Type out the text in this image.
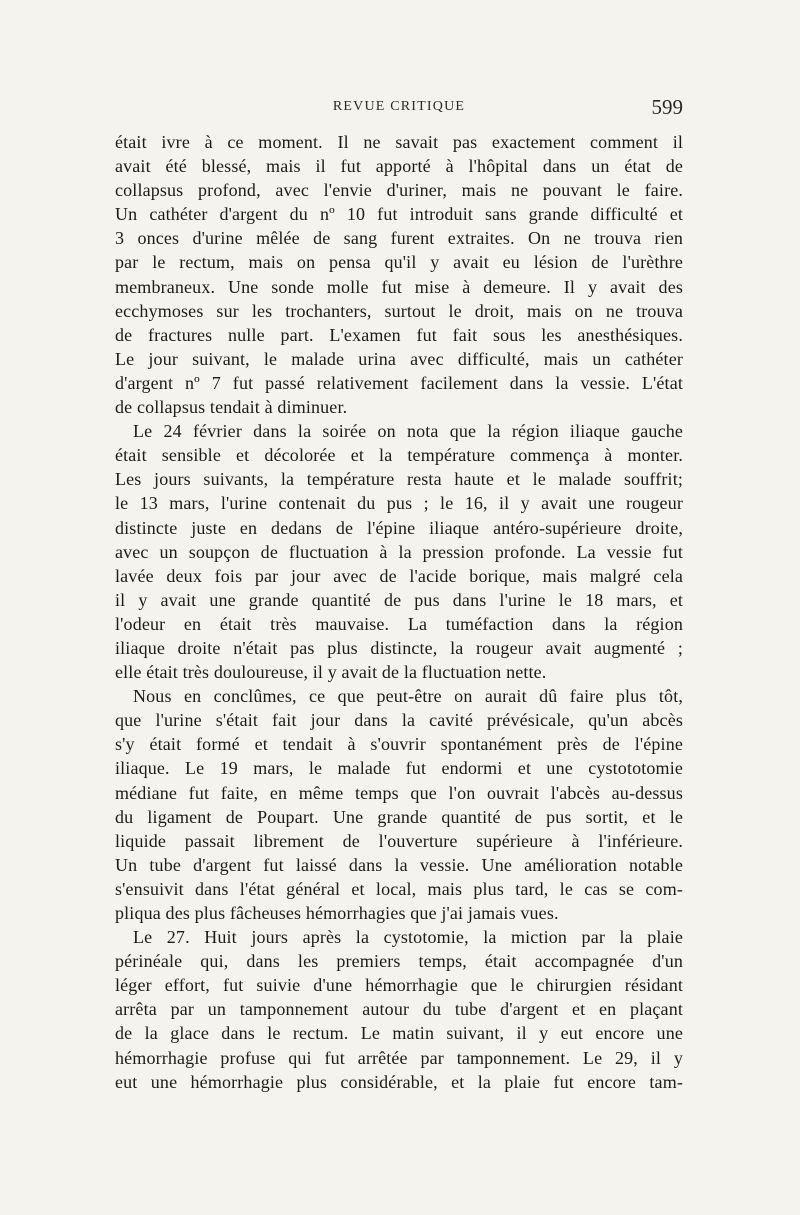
REVUE CRITIQUE	599
était ivre à ce moment. Il ne savait pas exactement comment il
avait été blessé, mais il fut apporté à l'hôpital dans un état de
collapsus profond, avec l'envie d'uriner, mais ne pouvant le faire.
Un cathéter d'argent du nº 10 fut introduit sans grande difficulté et
3 onces d'urine mêlée de sang furent extraites. On ne trouva rien
par le rectum, mais on pensa qu'il y avait eu lésion de l'urèthre
membraneux. Une sonde molle fut mise à demeure. Il y avait des
ecchymoses sur les trochanters, surtout le droit, mais on ne trouva
de fractures nulle part. L'examen fut fait sous les anesthésiques.
Le jour suivant, le malade urina avec difficulté, mais un cathéter
d'argent nº 7 fut passé relativement facilement dans la vessie. L'état
de collapsus tendait à diminuer.
Le 24 février dans la soirée on nota que la région iliaque gauche
était sensible et décolorée et la température commença à monter.
Les jours suivants, la température resta haute et le malade souffrit;
le 13 mars, l'urine contenait du pus ; le 16, il y avait une rougeur
distincte juste en dedans de l'épine iliaque antéro-supérieure droite,
avec un soupçon de fluctuation à la pression profonde. La vessie fut
lavée deux fois par jour avec de l'acide borique, mais malgré cela
il y avait une grande quantité de pus dans l'urine le 18 mars, et
l'odeur en était très mauvaise. La tuméfaction dans la région
iliaque droite n'était pas plus distincte, la rougeur avait augmenté ;
elle était très douloureuse, il y avait de la fluctuation nette.
Nous en conclûmes, ce que peut-être on aurait dû faire plus tôt,
que l'urine s'était fait jour dans la cavité prévésicale, qu'un abcès
s'y était formé et tendait à s'ouvrir spontanément près de l'épine
iliaque. Le 19 mars, le malade fut endormi et une cystototomie
médiane fut faite, en même temps que l'on ouvrait l'abcès au-dessus
du ligament de Poupart. Une grande quantité de pus sortit, et le
liquide passait librement de l'ouverture supérieure à l'inférieure.
Un tube d'argent fut laissé dans la vessie. Une amélioration notable
s'ensuivit dans l'état général et local, mais plus tard, le cas se com-
pliqua des plus fâcheuses hémorrhagies que j'ai jamais vues.
Le 27. Huit jours après la cystotomie, la miction par la plaie
périnéale qui, dans les premiers temps, était accompagnée d'un
léger effort, fut suivie d'une hémorrhagie que le chirurgien résidant
arrêta par un tamponnement autour du tube d'argent et en plaçant
de la glace dans le rectum. Le matin suivant, il y eut encore une
hémorrhagie profuse qui fut arrêtée par tamponnement. Le 29, il y
eut une hémorrhagie plus considérable, et la plaie fut encore tam-
